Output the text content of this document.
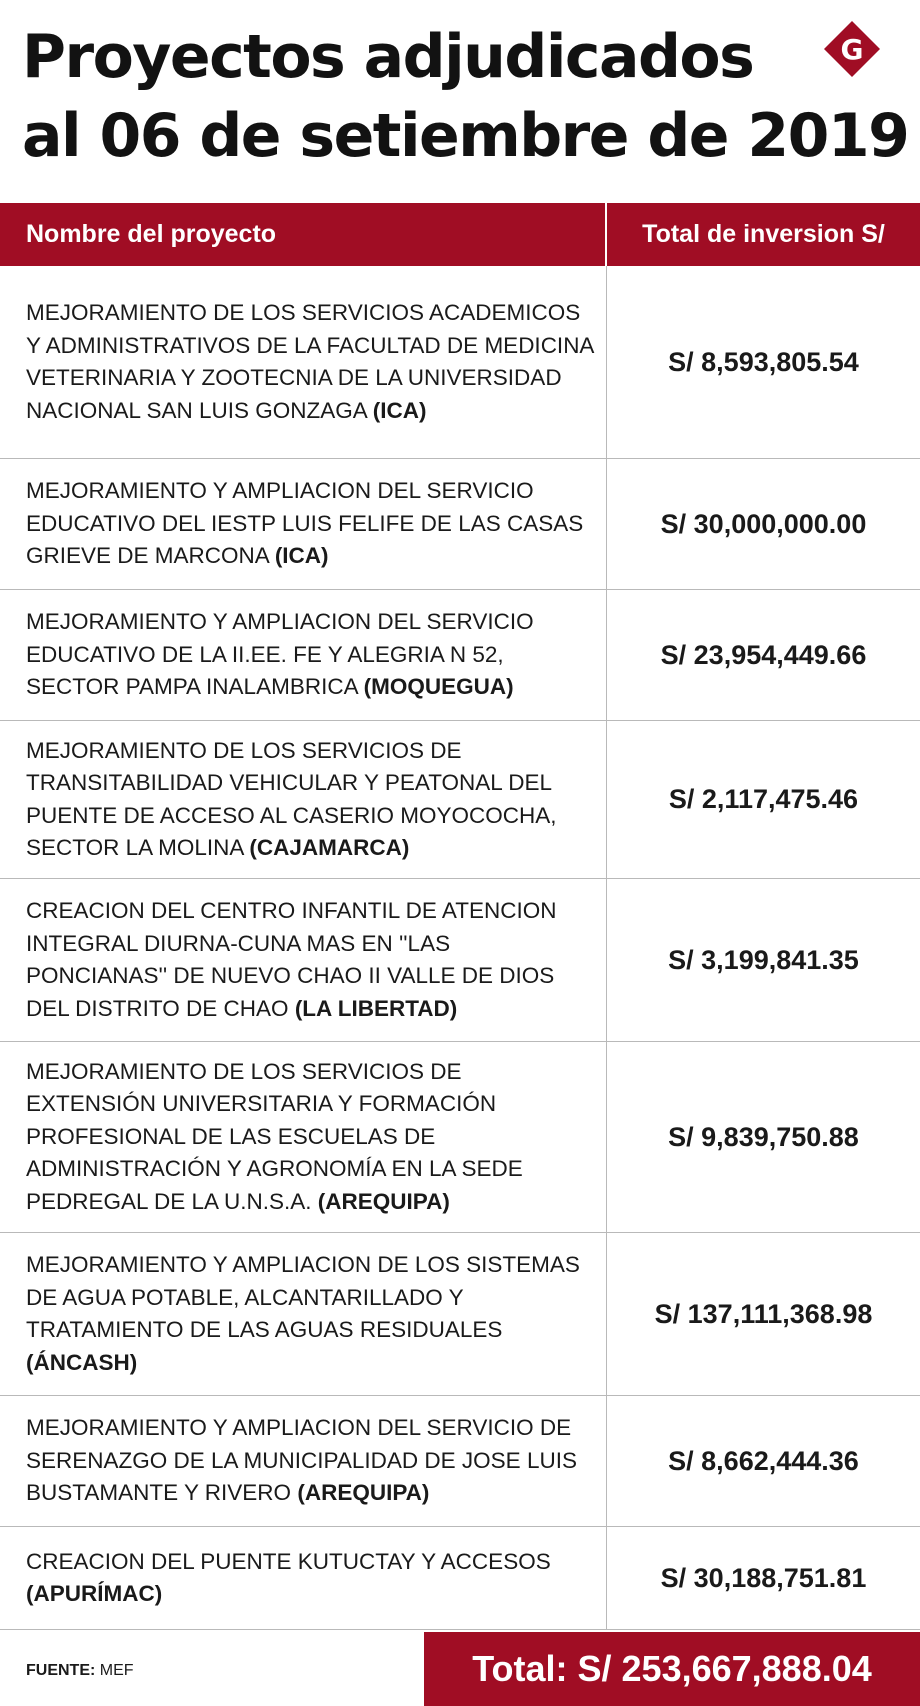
Proyectos adjudicados
al 06 de setiembre de 2019
G
Nombre del proyecto	Total de inversion S/
MEJORAMIENTO DE LOS SERVICIOS ACADEMICOS Y ADMINISTRATIVOS DE LA FACULTAD DE MEDICINA VETERINARIA Y ZOOTECNIA DE LA UNIVERSIDAD NACIONAL SAN LUIS GONZAGA (ICA)
S/ 8,593,805.54
MEJORAMIENTO Y AMPLIACION DEL SERVICIO EDUCATIVO DEL IESTP LUIS FELIFE DE LAS CASAS GRIEVE DE MARCONA (ICA)
S/ 30,000,000.00
MEJORAMIENTO Y AMPLIACION DEL SERVICIO EDUCATIVO DE LA II.EE. FE Y ALEGRIA N 52, SECTOR PAMPA INALAMBRICA (MOQUEGUA)
S/ 23,954,449.66
MEJORAMIENTO DE LOS SERVICIOS DE TRANSITABILIDAD VEHICULAR Y PEATONAL DEL PUENTE DE ACCESO AL CASERIO MOYOCOCHA, SECTOR LA MOLINA (CAJAMARCA)
S/ 2,117,475.46
CREACION DEL CENTRO INFANTIL DE ATENCION INTEGRAL DIURNA-CUNA MAS EN ''LAS PONCIANAS'' DE NUEVO CHAO II VALLE DE DIOS DEL DISTRITO DE CHAO (LA LIBERTAD)
S/ 3,199,841.35
MEJORAMIENTO DE LOS SERVICIOS DE EXTENSIÓN UNIVERSITARIA Y FORMACIÓN PROFESIONAL DE LAS ESCUELAS DE ADMINISTRACIÓN Y AGRONOMÍA EN LA SEDE PEDREGAL DE LA U.N.S.A. (AREQUIPA)
S/ 9,839,750.88
MEJORAMIENTO Y AMPLIACION DE LOS SISTEMAS DE AGUA POTABLE, ALCANTARILLADO Y TRATAMIENTO DE LAS AGUAS RESIDUALES (ÁNCASH)
S/ 137,111,368.98
MEJORAMIENTO Y AMPLIACION DEL SERVICIO DE SERENAZGO DE LA MUNICIPALIDAD DE JOSE LUIS BUSTAMANTE Y RIVERO (AREQUIPA)
S/ 8,662,444.36
CREACION DEL PUENTE KUTUCTAY Y ACCESOS (APURÍMAC)
S/ 30,188,751.81
FUENTE: MEF	Total: S/ 253,667,888.04
